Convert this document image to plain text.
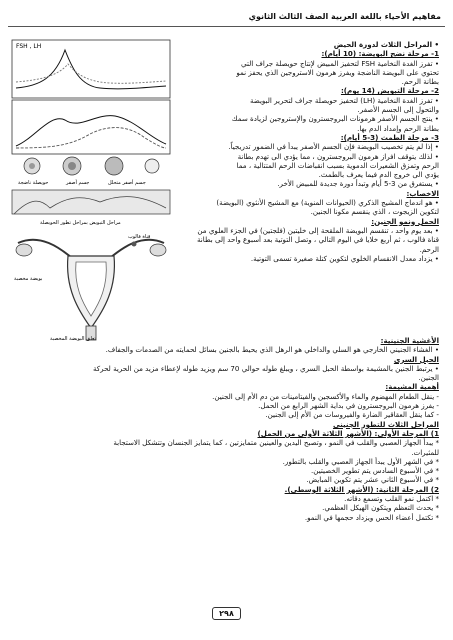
مفاهيم الأحياء باللغة العربية الصف الثالث الثانوي
FSH , LH
حويصلة ناضجة	جسم أصفر	جسم أصفر متحلل
مراحل التبويض بمراحل تطور الحويصلة
بويضة مخصبة
قناة فالوب
تعلق البويضة المخصبة

• المراحل الثلاث لدورة الحيض

1- مرحلة نضج البويضة: (10 أيام):

• تفرز الغدة النخامية FSH لتحفيز المبيض لإنتاج حويصلة جراف التي

تحتوي على البويضة الناضجة ويفرز هرمون الاستروجين الذي يحفز نمو

بطانة الرحم.

2- مرحلة التبويض (14 يوم):

• تفرز الغدة النخامية (LH) لتحفيز حويصلة جراف لتحرير البويضة

والتحول إلى الجسم الأصفر.

• ينتج الجسم الأصفر هرمونات البروجسترون والإستروجين لزيادة سمك

بطانة الرحم وإمداد الدم بها.

3- مرحلة الطمث (3-5 أيام):

• إذا لم يتم تخصيب البويضة فإن الجسم الأصفر يبدأ في الضمور تدريجياً.

• لذلك يتوقف افراز هرمون البروجسترون ، مما يؤدي الى تهدم بطانة

الرحم وتمزق الشعيرات الدموية بسبب انقباضات الرحم المتتالية ، مما

يؤدي الى خروج الدم فيما يعرف بالطمث.

• يستغرق من 3-5 أيام وتبدأ دورة جديدة للمبيض الأخر.

الاخصاب:

• هو اندماج المشيج الذكري (الحيوانات المنوية) مع المشيج الأنثوي (البويضة)

لتكوين الزيجوت ، الذي ينقسم مكونا الجنين.

الحمل ونمو الجنين:

• بعد يوم واحد ، تنقسم البويضة الملقحة إلى خليتين (فلجتين) في الجزء العلوي من

قناة فالوب ، ثم أربع خلايا في اليوم التالي ، وتصل التوتية بعد أسبوع واحد إلى بطانة

الرحم.

• يزداد معدل الانقسام الخلوي لتكوين كتلة صغيرة تسمى التوتية.

الأغشية الجنينية:

• الغشاء الجنيني الخارجي هو السلي والداخلي هو الرهل الذي يحيط بالجنين بسائل لحمايته من الصدمات والجفاف.

الحبل السري

• يرتبط الجنين بالمشيمة بواسطة الحبل السري ، ويبلغ طوله حوالي 70 سم ويزيد طوله لإعطاء مزيد من الحرية لحركة

الجنين.

أهمية المشيمة:

- ينقل الطعام المهضوم والماء والأكسجين والفيتامينات من دم الأم إلى الجنين.

- يفرز هرمون البروجسترون في بداية الشهر الرابع من الحمل.

- كما ينقل العقاقير الضارة والفيروسات من الأم إلى الجنين.

المراحل الثلاث للتطور الجنيني

1) المرحلة الأولى: (الأشهر الثلاثة الأولى من الحمل)

* يبدأ الجهاز العصبي والقلب في النمو ، وتصبح اليدين والعينين متمايزتين ، كما يتمايز الجنسان وتتشكل الاستجابة

للمثيرات.

* في الشهر الأول يبدأ الجهاز العصبي والقلب بالتطور.

* في الأسبوع السادس يتم تطوير الخصيتين.

* في الأسبوع الثاني عشر يتم تكوين المبايض.

2) المرحلة الثانية: (الأشهر الثلاثة الوسطى).

* اكتمل نمو القلب وتسمع دقاته.

* يحدث التعظم ويتكون الهيكل العظمي.

* تكتمل أعضاء الحس ويزداد حجمها في النمو.

٢٩٨
